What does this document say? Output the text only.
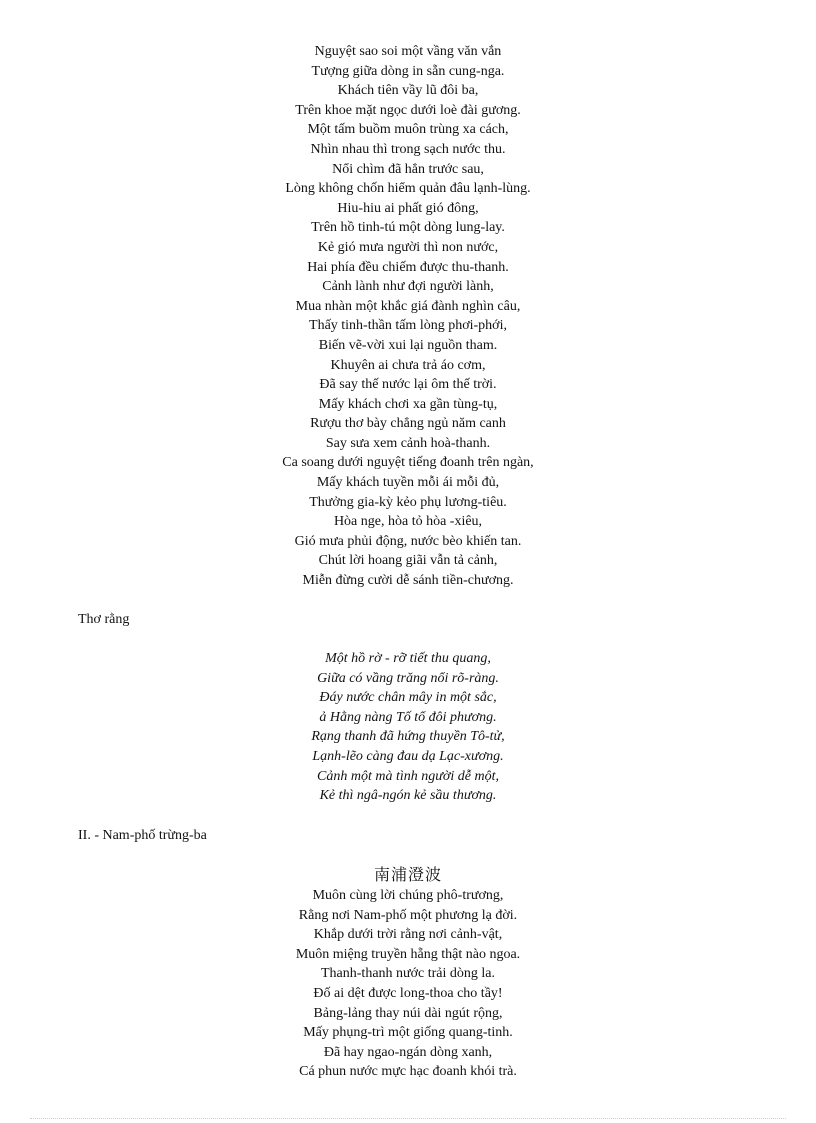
Nguyệt sao soi một vầng văn vắn
Tượng giữa dòng in sẵn cung-nga.
Khách tiên vầy lũ đôi ba,
Trên khoe mặt ngọc dưới loè đài gương.
Một tấm buồm muôn trùng xa cách,
Nhìn nhau thì trong sạch nước thu.
Nổi chìm đã hẳn trước sau,
Lòng không chốn hiểm quản đâu lạnh-lùng.
Hiu-hiu ai phất gió đông,
Trên hồ tinh-tú một dòng lung-lay.
Kẻ gió mưa người thì non nước,
Hai phía đều chiếm được thu-thanh.
Cảnh lành như đợi người lành,
Mua nhàn một khắc giá đành nghìn câu,
Thấy tinh-thần tấm lòng phơi-phới,
Biến vẽ-vời xui lại nguồn tham.
Khuyên ai chưa trả áo cơm,
Đã say thế nước lại ôm thế trời.
Mấy khách chơi xa gần tùng-tụ,
Rượu thơ bày chẳng ngủ năm canh
Say sưa xem cảnh hoà-thanh.
Ca soang dưới nguyệt tiếng đoanh trên ngàn,
Mấy khách tuyền mỗi ái mỗi đủ,
Thưởng gia-kỳ kẻo phụ lương-tiêu.
Hòa nge, hòa tỏ hòa -xiêu,
Gió mưa phủi động, nước bèo khiến tan.
Chút lời hoang giãi vẫn tả cảnh,
Miễn đừng cười dễ sánh tiền-chương.
Thơ rằng
Một hồ rờ - rỡ tiết thu quang,
Giữa có vầng trăng nổi rõ-ràng.
Đáy nước chân mây in một sắc,
ả Hằng nàng Tố tổ đôi phương.
Rạng thanh đã hứng thuyền Tô-tử,
Lạnh-lẽo càng đau dạ Lạc-xương.
Cảnh một mà tình người dễ một,
Kẻ thì ngâ-ngón kẻ sầu thương.
II. - Nam-phố trừng-ba
南浦澄波
Muôn cùng lời chúng phô-trương,
Rằng nơi Nam-phố một phương lạ đời.
Khắp dưới trời rằng nơi cảnh-vật,
Muôn miệng truyền hẵng thật nào ngoa.
Thanh-thanh nước trải dòng la.
Đố ai dệt được long-thoa cho tầy!
Bảng-lảng thay núi dài ngút rộng,
Mấy phụng-trì một giống quang-tinh.
Đã hay ngao-ngán dòng xanh,
Cá phun nước mực hạc đoanh khói trà.
